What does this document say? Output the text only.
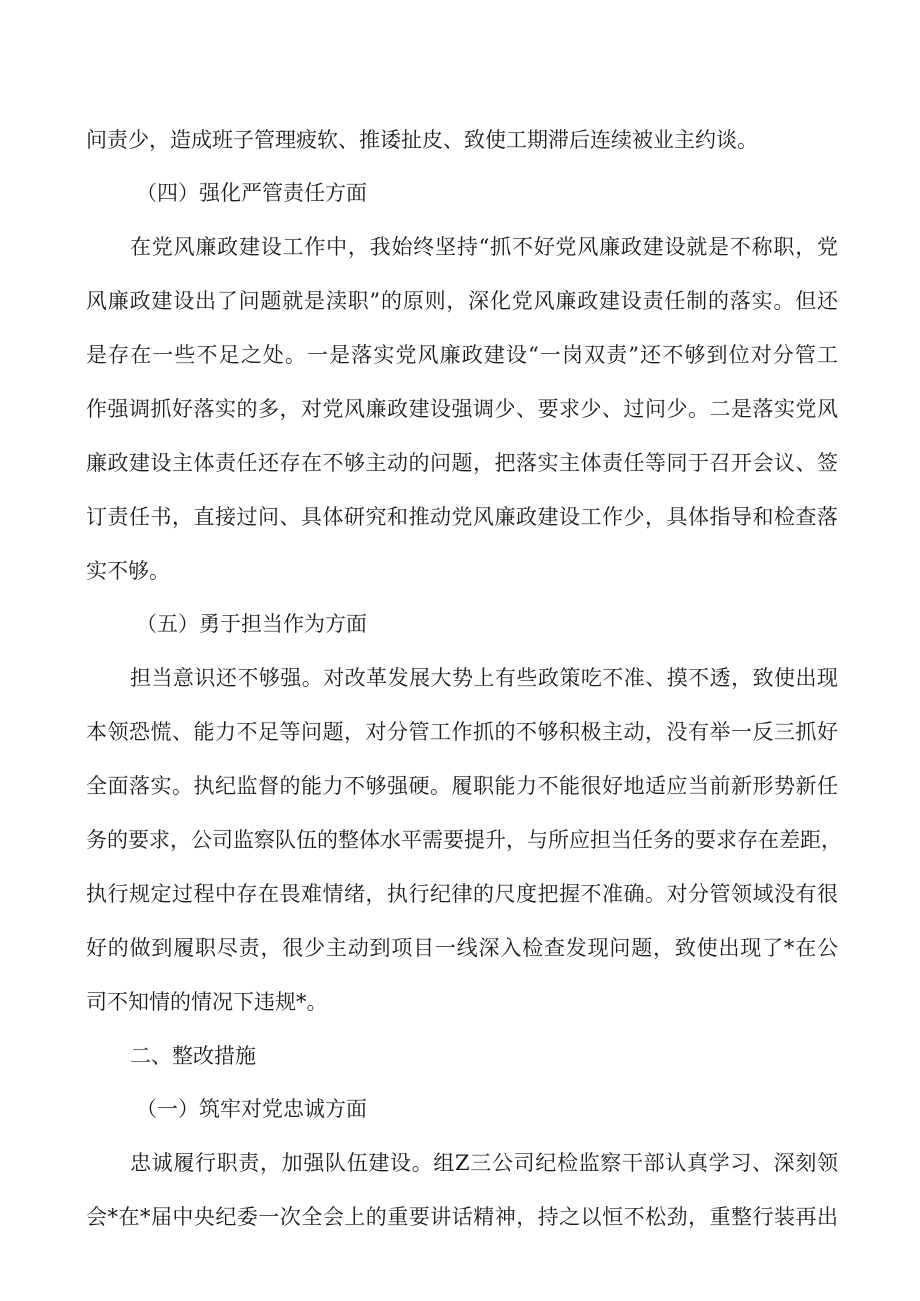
问责少，造成班子管理疲软、推诿扯皮、致使工期滞后连续被业主约谈。
（四）强化严管责任方面
在党风廉政建设工作中，我始终坚持“抓不好党风廉政建设就是不称职，党
风廉政建设出了问题就是渎职”的原则，深化党风廉政建设责任制的落实。但还
是存在一些不足之处。一是落实党风廉政建设“一岗双责”还不够到位对分管工
作强调抓好落实的多，对党风廉政建设强调少、要求少、过问少。二是落实党风
廉政建设主体责任还存在不够主动的问题，把落实主体责任等同于召开会议、签
订责任书，直接过问、具体研究和推动党风廉政建设工作少，具体指导和检查落
实不够。
（五）勇于担当作为方面
担当意识还不够强。对改革发展大势上有些政策吃不准、摸不透，致使出现
本领恐慌、能力不足等问题，对分管工作抓的不够积极主动，没有举一反三抓好
全面落实。执纪监督的能力不够强硬。履职能力不能很好地适应当前新形势新任
务的要求，公司监察队伍的整体水平需要提升，与所应担当任务的要求存在差距，
执行规定过程中存在畏难情绪，执行纪律的尺度把握不准确。对分管领域没有很
好的做到履职尽责，很少主动到项目一线深入检查发现问题，致使出现了*在公
司不知情的情况下违规*。
二、整改措施
（一）筑牢对党忠诚方面
忠诚履行职责，加强队伍建设。组Z三公司纪检监察干部认真学习、深刻领
会*在*届中央纪委一次全会上的重要讲话精神，持之以恒不松劲，重整行装再出
